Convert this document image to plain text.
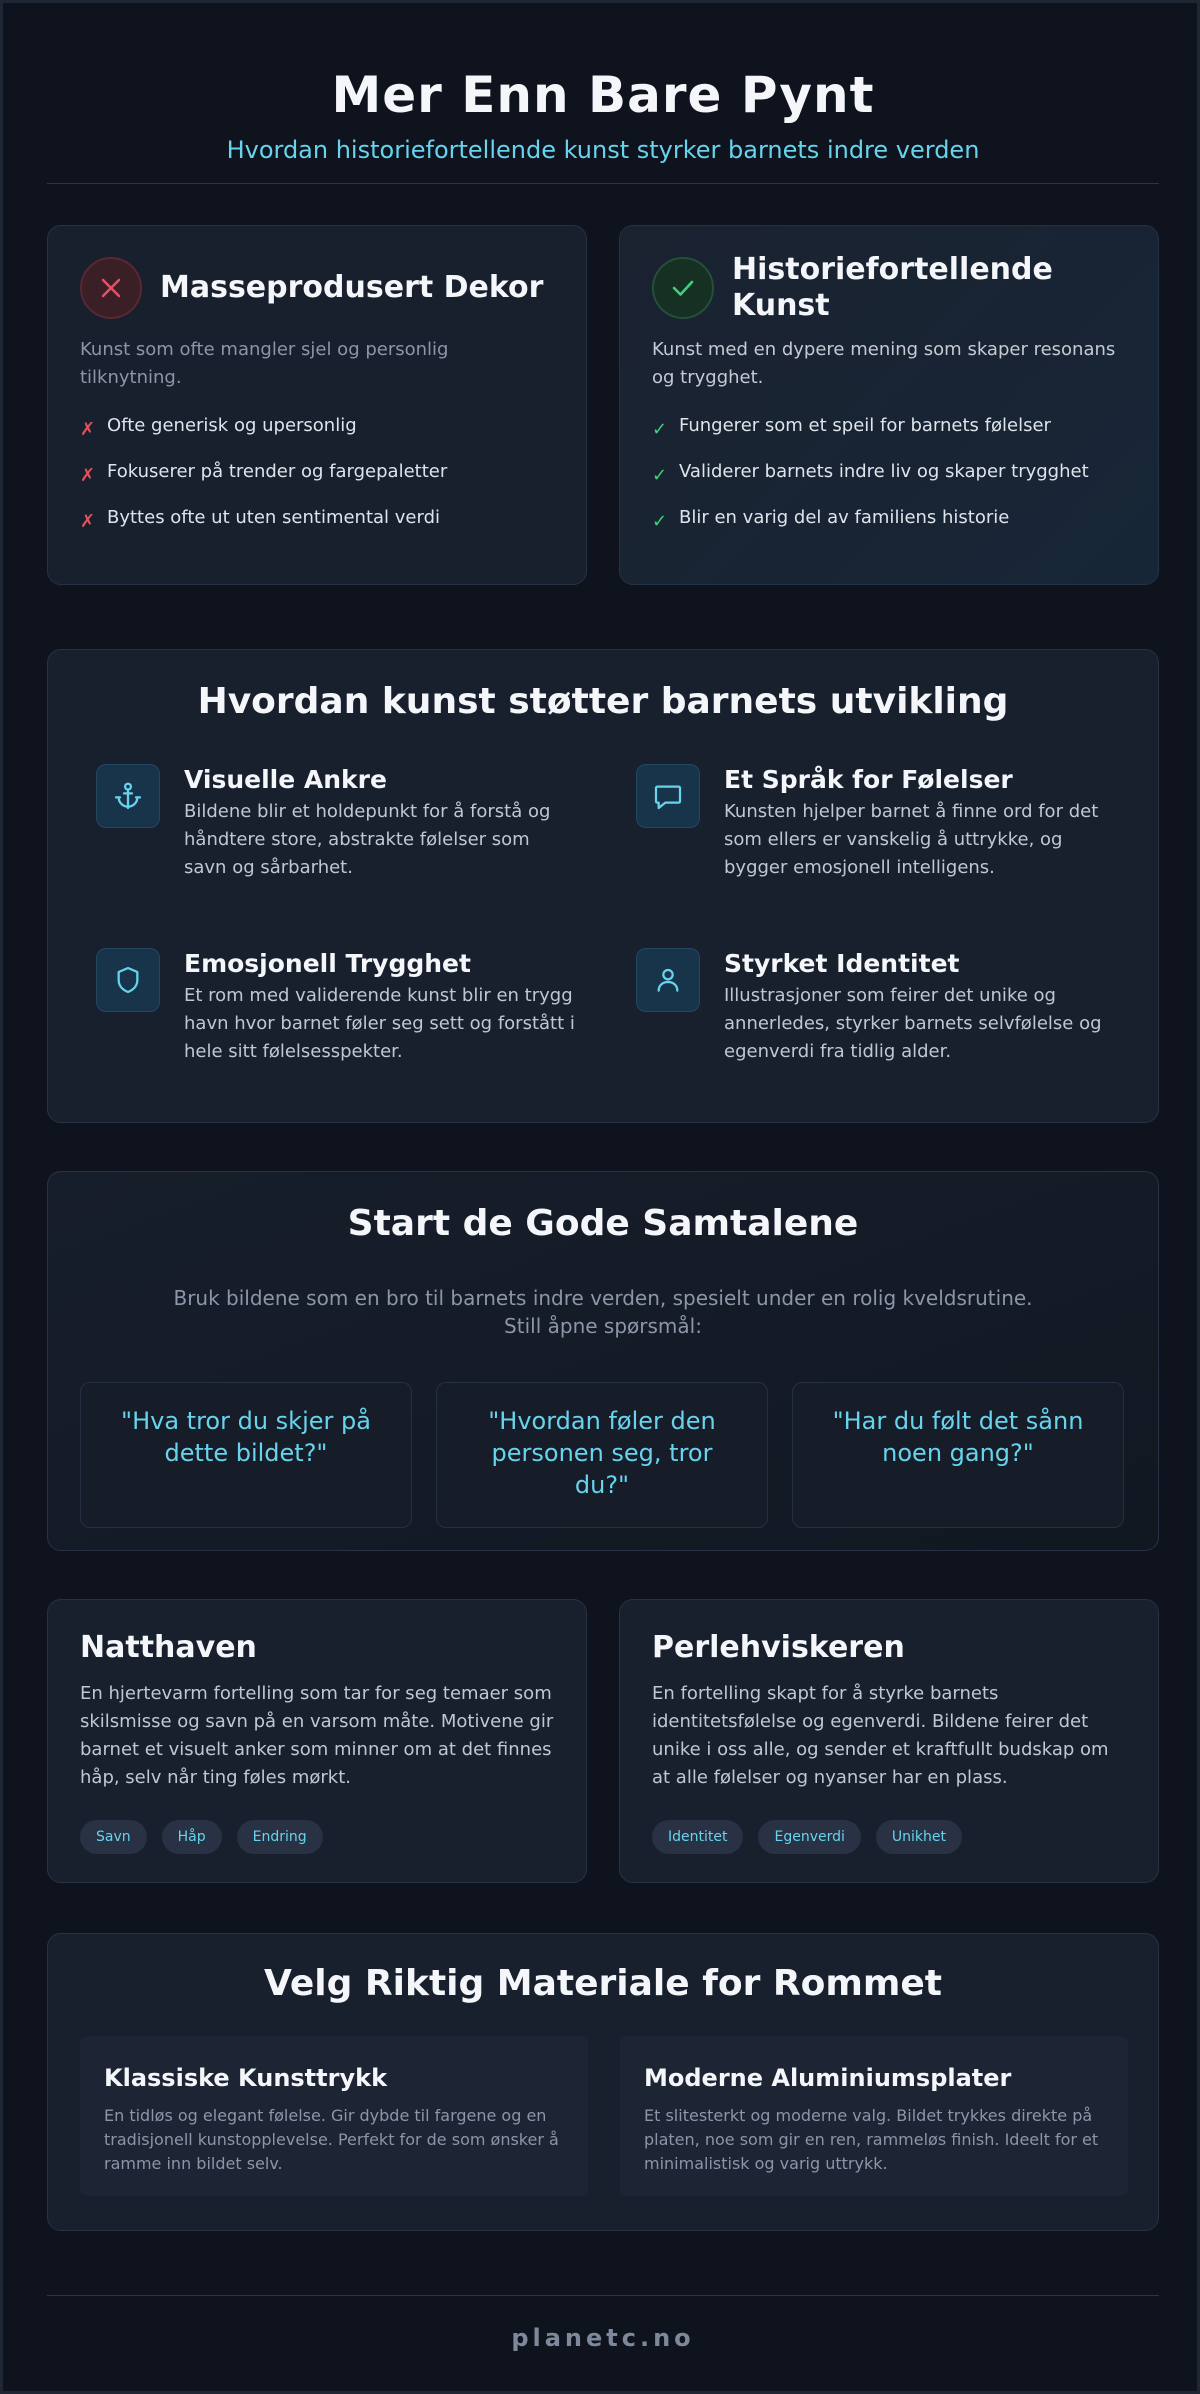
Mer Enn Bare Pynt
Hvordan historiefortellende kunst styrker barnets indre verden
Masseprodusert Dekor
Kunst som ofte mangler sjel og personlig tilknytning.
✗ Ofte generisk og upersonlig
✗ Fokuserer på trender og fargepaletter
✗ Byttes ofte ut uten sentimental verdi
Historiefortellende Kunst
Kunst med en dypere mening som skaper resonans og trygghet.
✓ Fungerer som et speil for barnets følelser
✓ Validerer barnets indre liv og skaper trygghet
✓ Blir en varig del av familiens historie
Hvordan kunst støtter barnets utvikling
Visuelle Ankre

Bildene blir et holdepunkt for å forstå og håndtere store, abstrakte følelser som savn og sårbarhet.

Et Språk for Følelser

Kunsten hjelper barnet å finne ord for det som ellers er vanskelig å uttrykke, og bygger emosjonell intelligens.

Emosjonell Trygghet

Et rom med validerende kunst blir en trygg havn hvor barnet føler seg sett og forstått i hele sitt følelsesspekter.

Styrket Identitet

Illustrasjoner som feirer det unike og annerledes, styrker barnets selvfølelse og egenverdi fra tidlig alder.

Start de Gode Samtalene
Bruk bildene som en bro til barnets indre verden, spesielt under en rolig kveldsrutine. Still åpne spørsmål:
"Hva tror du skjer på dette bildet?"
"Hvordan føler den personen seg, tror du?"
"Har du følt det sånn noen gang?"
Natthaven

En hjertevarm fortelling som tar for seg temaer som skilsmisse og savn på en varsom måte. Motivene gir barnet et visuelt anker som minner om at det finnes håp, selv når ting føles mørkt.

Savn	Håp	Endring
Perlehviskeren

En fortelling skapt for å styrke barnets identitetsfølelse og egenverdi. Bildene feirer det unike i oss alle, og sender et kraftfullt budskap om at alle følelser og nyanser har en plass.

Identitet	Egenverdi	Unikhet
Velg Riktig Materiale for Rommet
Klassiske Kunsttrykk

En tidløs og elegant følelse. Gir dybde til fargene og en tradisjonell kunstopplevelse. Perfekt for de som ønsker å ramme inn bildet selv.

Moderne Aluminiumsplater

Et slitesterkt og moderne valg. Bildet trykkes direkte på platen, noe som gir en ren, rammeløs finish. Ideelt for et minimalistisk og varig uttrykk.

planetc.no
